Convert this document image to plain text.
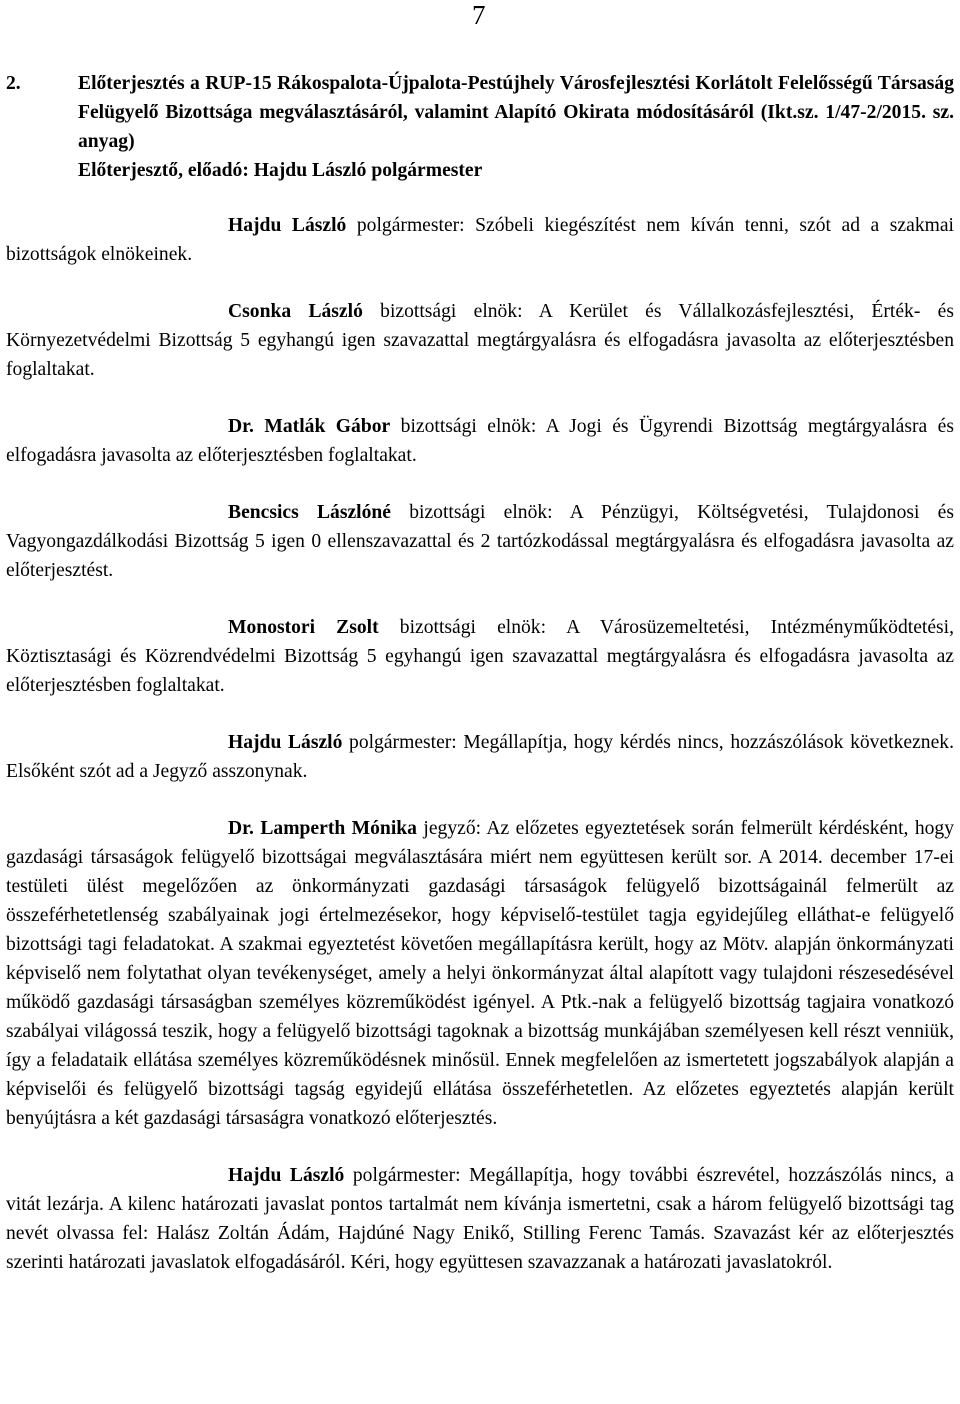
7
2.	Előterjesztés a RUP-15 Rákospalota-Újpalota-Pestújhely Városfejlesztési Korlátolt Felelősségű Társaság Felügyelő Bizottsága megválasztásáról, valamint Alapító Okirata módosításáról (Ikt.sz. 1/47-2/2015. sz. anyag)
Előterjesztő, előadó: Hajdu László polgármester

Hajdu László polgármester: Szóbeli kiegészítést nem kíván tenni, szót ad a szakmai bizottságok elnökeinek.

Csonka László bizottsági elnök: A Kerület és Vállalkozásfejlesztési, Érték- és Környezetvédelmi Bizottság 5 egyhangú igen szavazattal megtárgyalásra és elfogadásra javasolta az előterjesztésben foglaltakat.

Dr. Matlák Gábor bizottsági elnök: A Jogi és Ügyrendi Bizottság megtárgyalásra és elfogadásra javasolta az előterjesztésben foglaltakat.

Bencsics Lászlóné bizottsági elnök: A Pénzügyi, Költségvetési, Tulajdonosi és Vagyongazdálkodási Bizottság 5 igen 0 ellenszavazattal és 2 tartózkodással megtárgyalásra és elfogadásra javasolta az előterjesztést.

Monostori Zsolt bizottsági elnök: A Városüzemeltetési, Intézményműködtetési, Köztisztasági és Közrendvédelmi Bizottság 5 egyhangú igen szavazattal megtárgyalásra és elfogadásra javasolta az előterjesztésben foglaltakat.

Hajdu László polgármester: Megállapítja, hogy kérdés nincs, hozzászólások következnek. Elsőként szót ad a Jegyző asszonynak.

Dr. Lamperth Mónika jegyző: Az előzetes egyeztetések során felmerült kérdésként, hogy gazdasági társaságok felügyelő bizottságai megválasztására miért nem együttesen került sor. A 2014. december 17-ei testületi ülést megelőzően az önkormányzati gazdasági társaságok felügyelő bizottságainál felmerült az összeférhetetlenség szabályainak jogi értelmezésekor, hogy képviselő-testület tagja egyidejűleg elláthat-e felügyelő bizottsági tagi feladatokat. A szakmai egyeztetést követően megállapításra került, hogy az Mötv. alapján önkormányzati képviselő nem folytathat olyan tevékenységet, amely a helyi önkormányzat által alapított vagy tulajdoni részesedésével működő gazdasági társaságban személyes közreműködést igényel. A Ptk.-nak a felügyelő bizottság tagjaira vonatkozó szabályai világossá teszik, hogy a felügyelő bizottsági tagoknak a bizottság munkájában személyesen kell részt venniük, így a feladataik ellátása személyes közreműködésnek minősül. Ennek megfelelően az ismertetett jogszabályok alapján a képviselői és felügyelő bizottsági tagság egyidejű ellátása összeférhetetlen. Az előzetes egyeztetés alapján került benyújtásra a két gazdasági társaságra vonatkozó előterjesztés.

Hajdu László polgármester: Megállapítja, hogy további észrevétel, hozzászólás nincs, a vitát lezárja. A kilenc határozati javaslat pontos tartalmát nem kívánja ismertetni, csak a három felügyelő bizottsági tag nevét olvassa fel: Halász Zoltán Ádám, Hajdúné Nagy Enikő, Stilling Ferenc Tamás. Szavazást kér az előterjesztés szerinti határozati javaslatok elfogadásáról. Kéri, hogy együttesen szavazzanak a határozati javaslatokról.
